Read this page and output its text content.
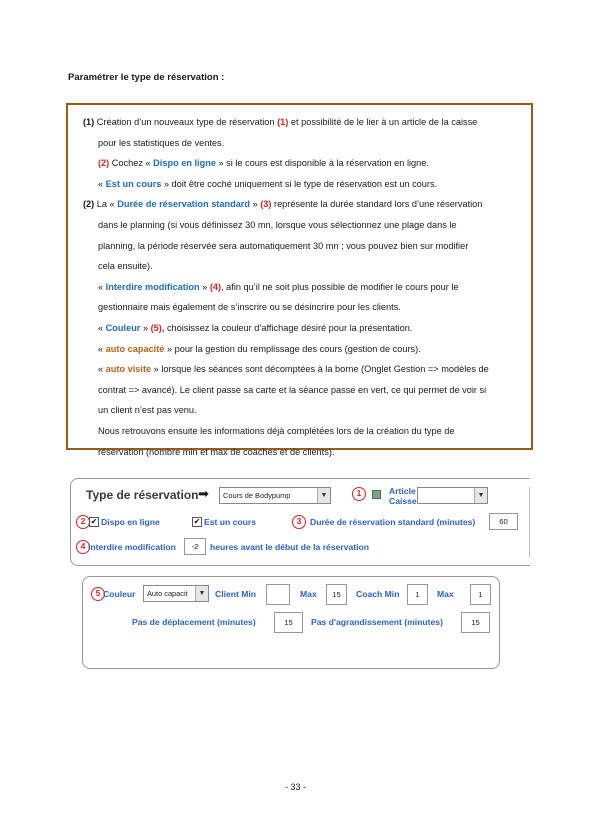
Paramétrer le type de réservation :

(1) Création d’un nouveaux type de réservation (1) et possibilité de le lier à un article de la caisse

pour les statistiques de ventes.

(2) Cochez « Dispo en ligne » si le cours est disponible à la réservation en ligne.

« Est un cours » doit être coché uniquement si le type de réservation est un cours.

(2) La « Durée de réservation standard » (3) représente la durée standard lors d’une réservation

dans le planning (si vous définissez 30 mn, lorsque vous sélectionnez une plage dans le

planning, la période réservée sera automatiquement 30 mn ; vous pouvez bien sur modifier

cela ensuite).

« Interdire modification » (4), afin qu’il ne soit plus possible de modifier le cours pour le

gestionnaire mais également de s’inscrire ou se désincrire pour les clients.

« Couleur » (5), choisissez la couleur d’affichage désiré pour la présentation.

« auto capacité » pour la gestion du remplissage des cours (gestion de cours).

« auto visite » lorsque les séances sont décomptées à la borne (Onglet Gestion => modèles de

contrat => avancé). Le client passe sa carte et la séance passe en vert, ce qui permet de voir si

un client n’est pas venu.

Nous retrouvons ensuite les informations déjà complétées lors de la création du type de

réservation (nombre min et max de coaches et de clients).

Type de réservation ➡	Cours de Bodypump	▼	1	Article
Caisse
▼
2 ✔ Dispo en ligne	✔ Est un cours	3	Durée de réservation standard (minutes)	60
4 Interdire modification	-2	heures avant le début de la réservation
5 Couleur	Auto capacit	▼ Client Min	Max	15	Coach Min	1	Max	1
Pas de déplacement (minutes)	15	Pas d'agrandissement (minutes)	15
- 33 -
